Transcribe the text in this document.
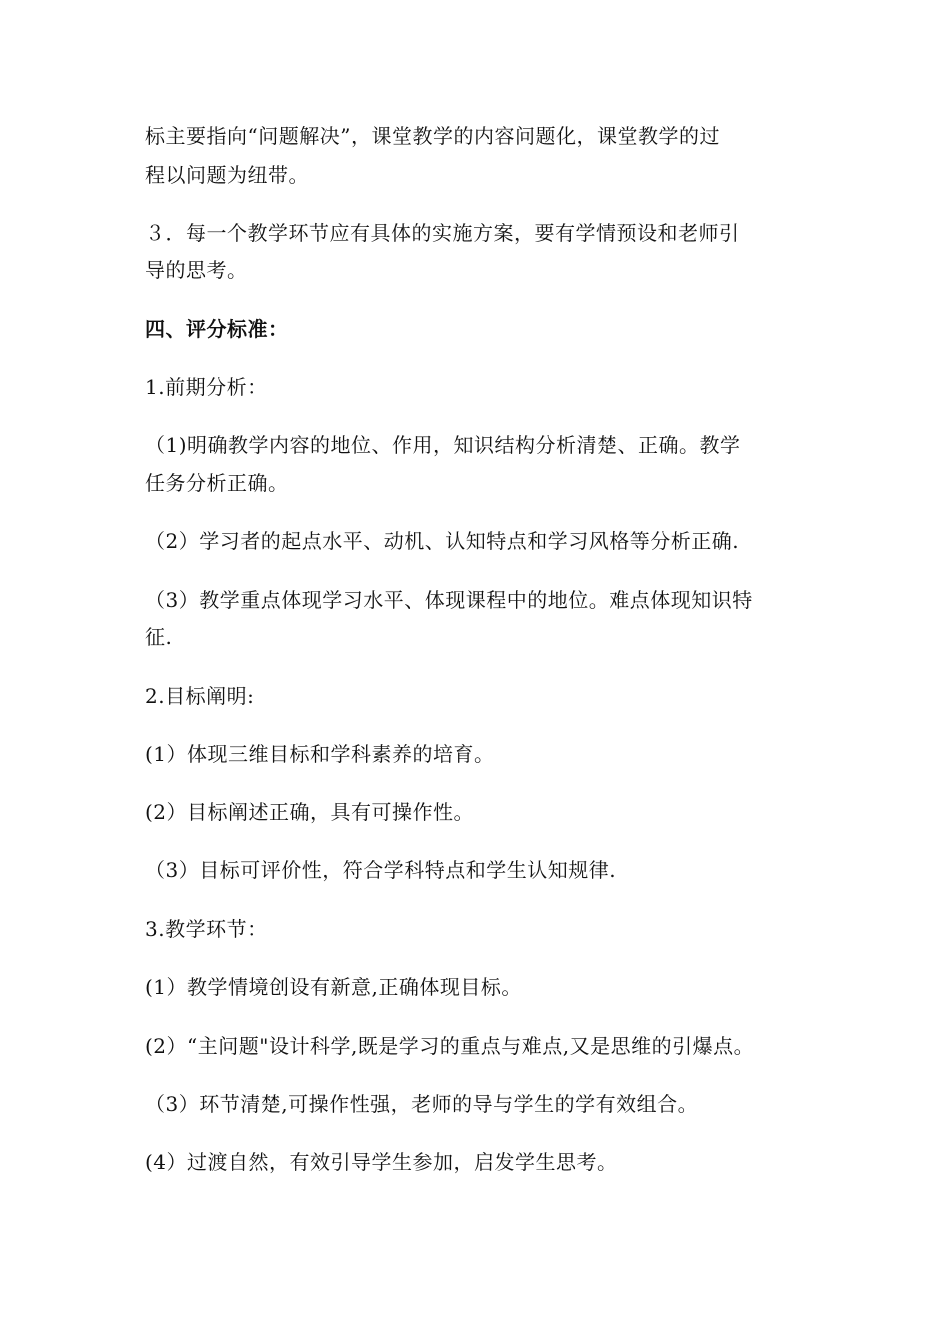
标主要指向“问题解决”，课堂教学的内容问题化，课堂教学的过
程以问题为纽带。
３．每一个教学环节应有具体的实施方案，要有学情预设和老师引
导的思考。
四、评分标准：
1.前期分析：
（1)明确教学内容的地位、作用，知识结构分析清楚、正确。教学
任务分析正确。
（2）学习者的起点水平、动机、认知特点和学习风格等分析正确.
（3）教学重点体现学习水平、体现课程中的地位。难点体现知识特
征.
2.目标阐明:
(1）体现三维目标和学科素养的培育。
(2）目标阐述正确，具有可操作性。
（3）目标可评价性，符合学科特点和学生认知规律.
3.教学环节：
(1）教学情境创设有新意,正确体现目标。
(2）“主问题"设计科学,既是学习的重点与难点,又是思维的引爆点。
（3）环节清楚,可操作性强，老师的导与学生的学有效组合。
(4）过渡自然，有效引导学生参加，启发学生思考。
